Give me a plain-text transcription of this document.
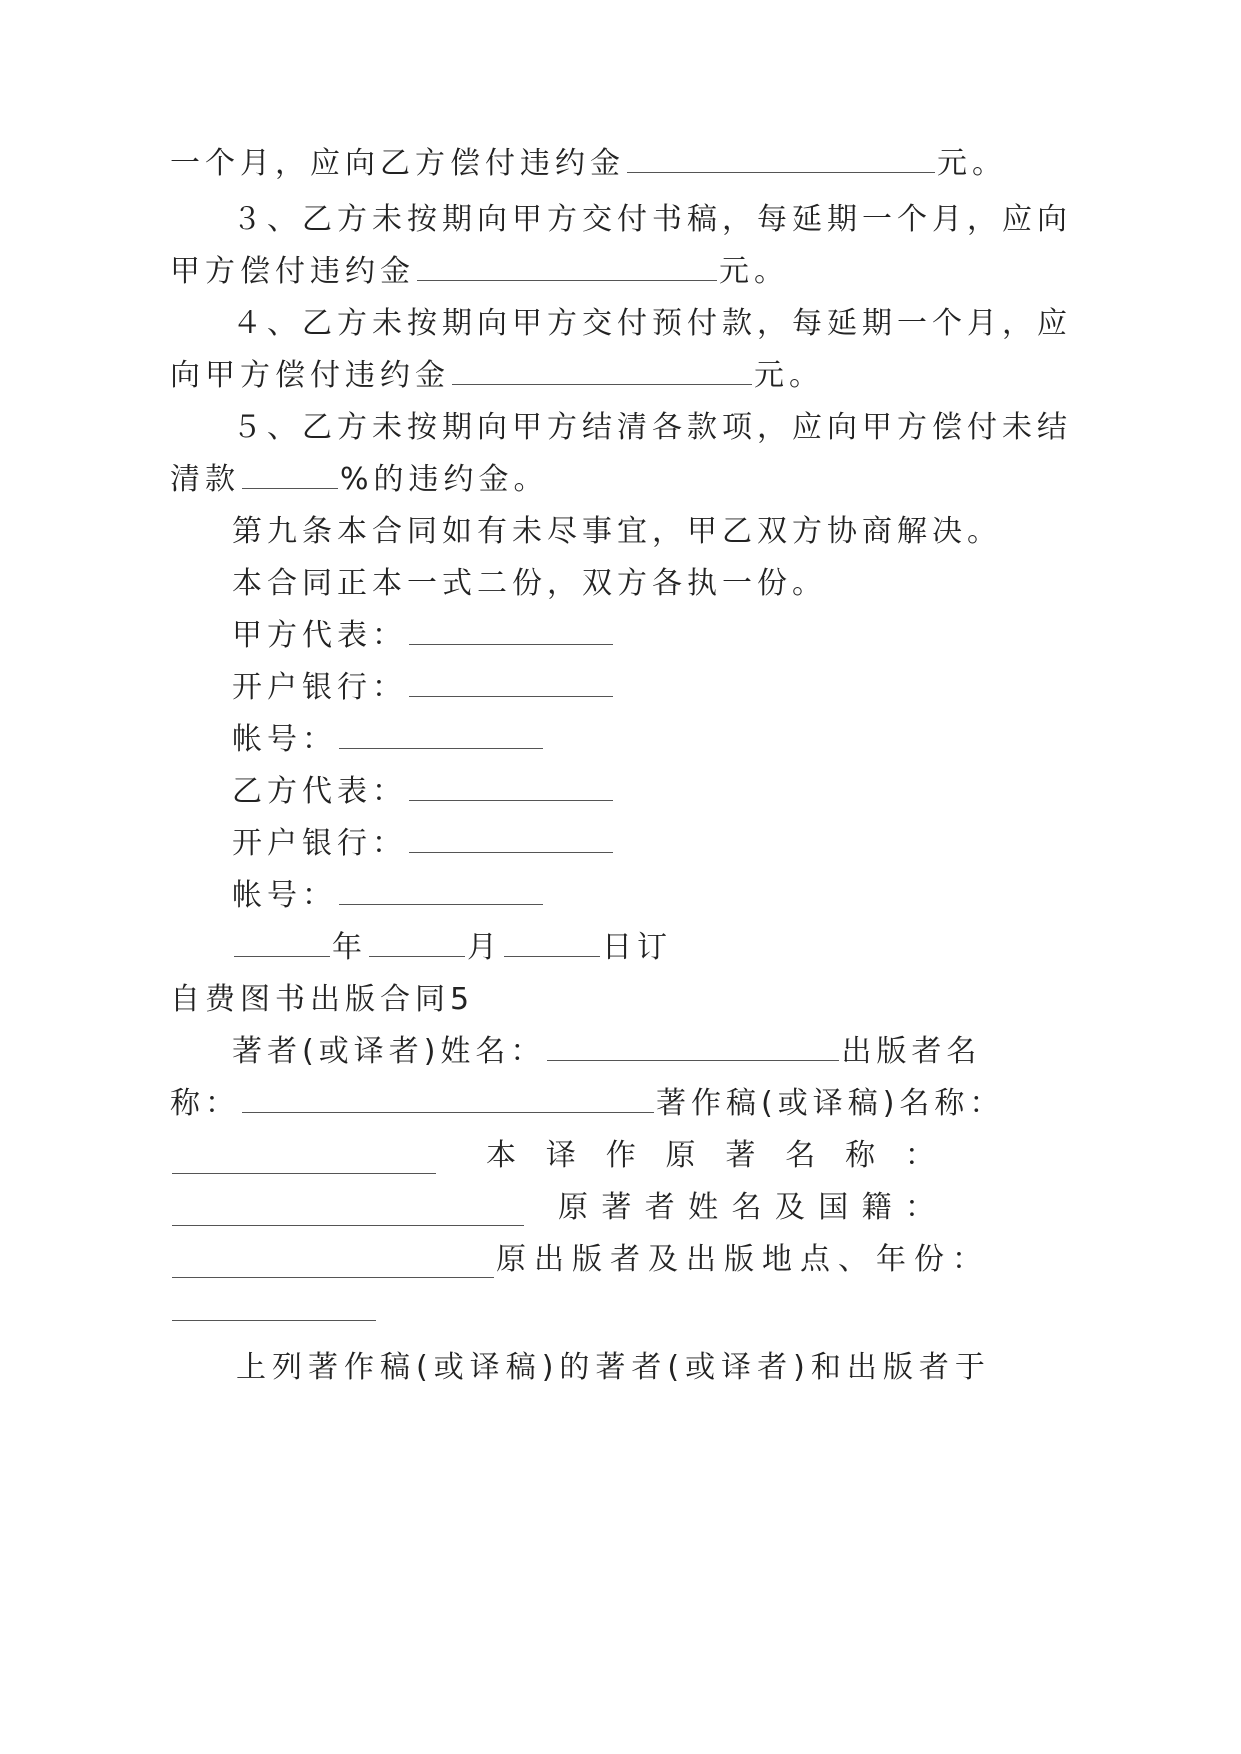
一个月，应向乙方偿付违约金	元。
３、乙方未按期向甲方交付书稿，每延期一个月，应向
甲方偿付违约金	元。
４、乙方未按期向甲方交付预付款，每延期一个月，应
向甲方偿付违约金	元。
５、乙方未按期向甲方结清各款项，应向甲方偿付未结
清款	%的违约金。
第九条本合同如有未尽事宜，甲乙双方协商解决。
本合同正本一式二份，双方各执一份。
甲方代表：
开户银行：
帐号：
乙方代表：
开户银行：
帐号：
年	月	日订
自费图书出版合同5
著者(或译者)姓名：	出版者名
称：	著作稿(或译稿)名称：
本 译 作 原 著 名 称 ：
原 著 者 姓 名 及 国 籍 ：
原出版者及出版地点、年份：
上列著作稿(或译稿)的著者(或译者)和出版者于
